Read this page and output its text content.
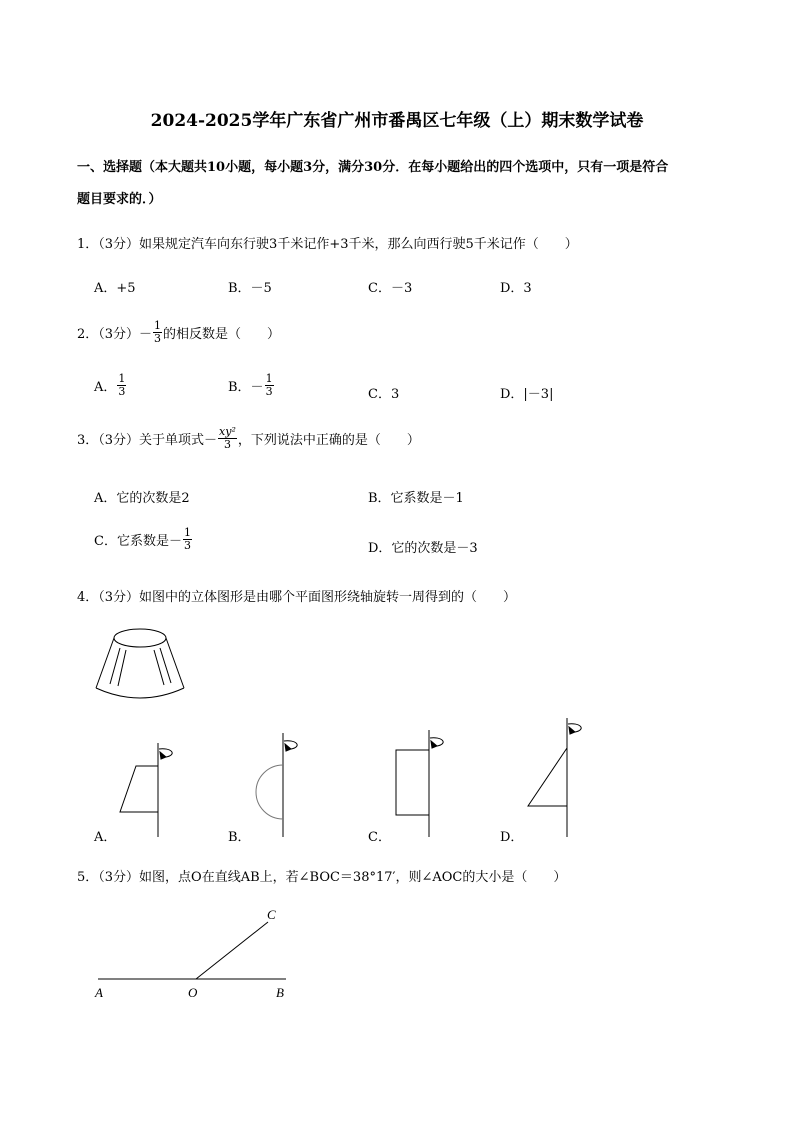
2024-2025学年广东省广州市番禺区七年级（上）期末数学试卷
一、选择题（本大题共10小题，每小题3分，满分30分．在每小题给出的四个选项中，只有一项是符合
题目要求的．）
1．（3分）如果规定汽车向东行驶3千米记作+3千米，那么向西行驶5千米记作（　　）
A．+5	B．－5	C．－3	D．3
2．（3分）－ $\frac{1}{3}$ 的相反数是（　　）
A． $\frac{1}{3}$	B．－ $\frac{1}{3}$	C．3	D．|－3|
3．（3分）关于单项式－ $\frac{\text{xy²}}{3}$ ，下列说法中正确的是（　　）
A．它的次数是2	B．它系数是－1
C．它系数是－ $\frac{1}{3}$	D．它的次数是－3
4．（3分）如图中的立体图形是由哪个平面图形绕轴旋转一周得到的（　　）
A．	B．	C．	D．
5．（3分）如图，点O在直线AB上，若∠BOC＝38°17′，则∠AOC的大小是（　　）
A	O	B
C
